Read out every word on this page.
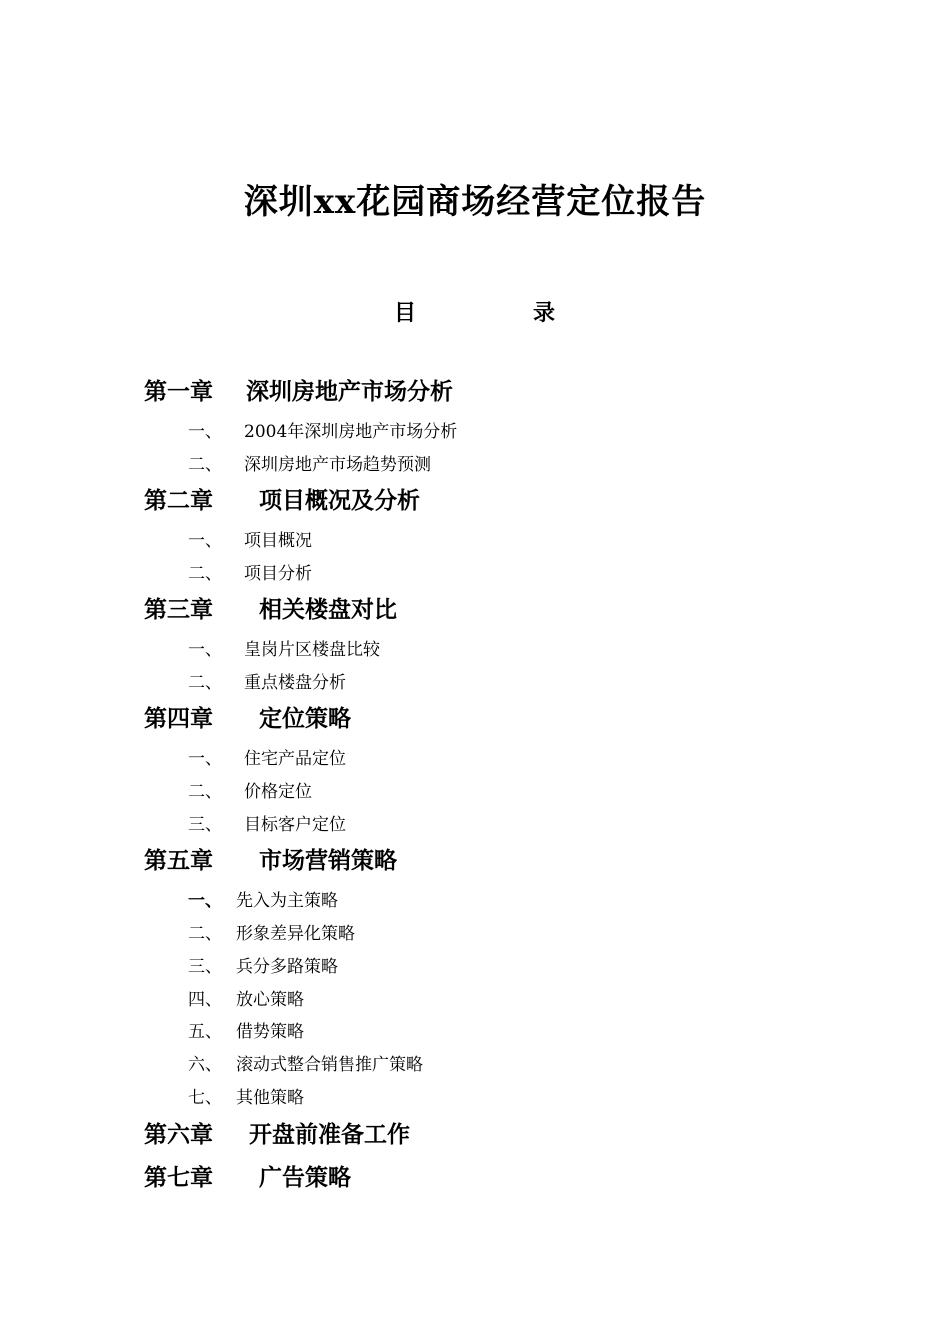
深圳xx花园商场经营定位报告
目	录
第一章 深圳房地产市场分析
一、 2004年深圳房地产市场分析
二、 深圳房地产市场趋势预测
第二章 项目概况及分析
一、 项目概况
二、 项目分析
第三章 相关楼盘对比
一、 皇岗片区楼盘比较
二、 重点楼盘分析
第四章 定位策略
一、 住宅产品定位
二、 价格定位
三、 目标客户定位
第五章 市场营销策略
一、 先入为主策略
二、 形象差异化策略
三、 兵分多路策略
四、 放心策略
五、 借势策略
六、 滚动式整合销售推广策略
七、 其他策略
第六章 开盘前准备工作
第七章 广告策略
